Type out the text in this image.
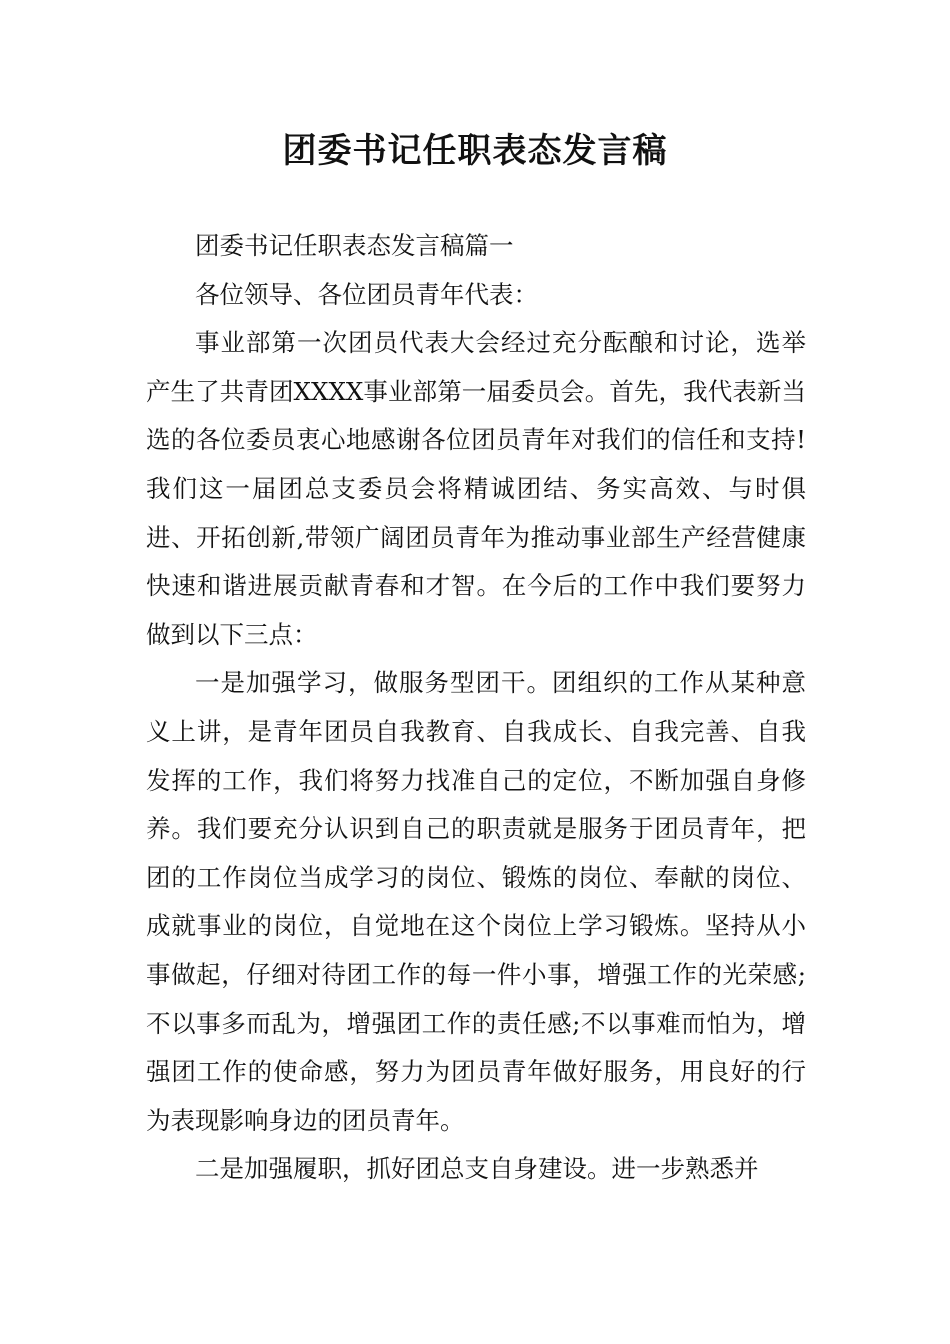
团委书记任职表态发言稿

团委书记任职表态发言稿篇一

各位领导、各位团员青年代表：

事业部第一次团员代表大会经过充分酝酿和讨论，选举产生了共青团XXXX事业部第一届委员会。首先，我代表新当选的各位委员衷心地感谢各位团员青年对我们的信任和支持!我们这一届团总支委员会将精诚团结、务实高效、与时俱进、开拓创新,带领广阔团员青年为推动事业部生产经营健康快速和谐进展贡献青春和才智。在今后的工作中我们要努力做到以下三点：

一是加强学习，做服务型团干。团组织的工作从某种意义上讲，是青年团员自我教育、自我成长、自我完善、自我发挥的工作，我们将努力找准自己的定位，不断加强自身修养。我们要充分认识到自己的职责就是服务于团员青年，把团的工作岗位当成学习的岗位、锻炼的岗位、奉献的岗位、成就事业的岗位，自觉地在这个岗位上学习锻炼。坚持从小事做起，仔细对待团工作的每一件小事，增强工作的光荣感;不以事多而乱为，增强团工作的责任感;不以事难而怕为，增强团工作的使命感，努力为团员青年做好服务，用良好的行为表现影响身边的团员青年。

二是加强履职，抓好团总支自身建设。进一步熟悉并
